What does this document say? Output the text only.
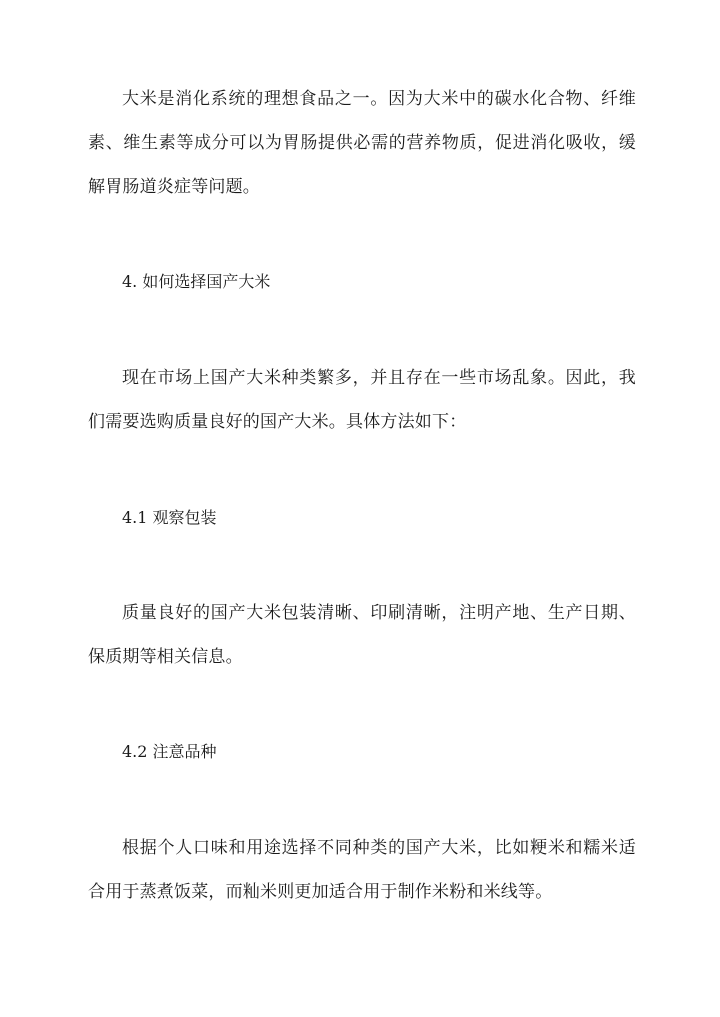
大米是消化系统的理想食品之一。因为大米中的碳水化合物、纤维素、维生素等成分可以为胃肠提供必需的营养物质，促进消化吸收，缓解胃肠道炎症等问题。

4. 如何选择国产大米

现在市场上国产大米种类繁多，并且存在一些市场乱象。因此，我们需要选购质量良好的国产大米。具体方法如下：

4.1 观察包装

质量良好的国产大米包装清晰、印刷清晰，注明产地、生产日期、保质期等相关信息。

4.2 注意品种

根据个人口味和用途选择不同种类的国产大米，比如粳米和糯米适合用于蒸煮饭菜，而籼米则更加适合用于制作米粉和米线等。
